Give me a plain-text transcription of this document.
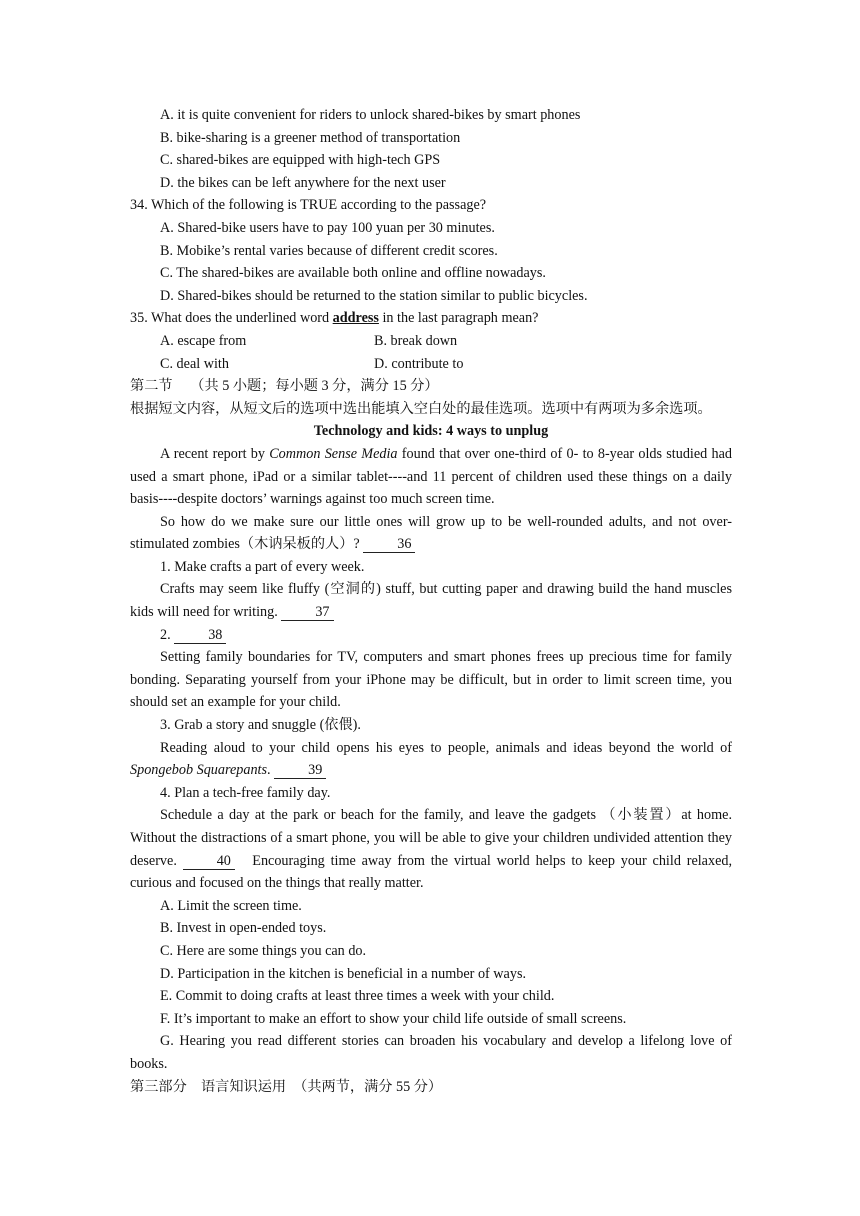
A. it is quite convenient for riders to unlock shared-bikes by smart phones
B. bike-sharing is a greener method of transportation
C. shared-bikes are equipped with high-tech GPS
D. the bikes can be left anywhere for the next user
34. Which of the following is TRUE according to the passage?
A. Shared-bike users have to pay 100 yuan per 30 minutes.
B. Mobike’s rental varies because of different credit scores.
C. The shared-bikes are available both online and offline nowadays.
D. Shared-bikes should be returned to the station similar to public bicycles.
35. What does the underlined word address in the last paragraph mean?
A. escape from	B. break down
C. deal with	D. contribute to
第二节　 （共 5 小题；每小题 3 分，满分 15 分）
根据短文内容，从短文后的选项中选出能填入空白处的最佳选项。选项中有两项为多余选项。
Technology and kids: 4 ways to unplug
A recent report by Common Sense Media found that over one-third of 0- to 8-year olds studied had used a smart phone, iPad or a similar tablet----and 11 percent of children used these things on a daily basis----despite doctors’ warnings against too much screen time.
So how do we make sure our little ones will grow up to be well-rounded adults, and not over-stimulated zombies（木讷呆板的人）?	36
1. Make crafts a part of every week.
Crafts may seem like fluffy (空洞的) stuff, but cutting paper and drawing build the hand muscles kids will need for writing.	37
2.	38
Setting family boundaries for TV, computers and smart phones frees up precious time for family bonding. Separating yourself from your iPhone may be difficult, but in order to limit screen time, you should set an example for your child.
3. Grab a story and snuggle (依偎).
Reading aloud to your child opens his eyes to people, animals and ideas beyond the world of Spongebob Squarepants.	39
4. Plan a tech-free family day.
Schedule a day at the park or beach for the family, and leave the gadgets （小装置）at home. Without the distractions of a smart phone, you will be able to give your children undivided attention they deserve.	40 Encouraging time away from the virtual world helps to keep your child relaxed, curious and focused on the things that really matter.
A. Limit the screen time.
B. Invest in open-ended toys.
C. Here are some things you can do.
D. Participation in the kitchen is beneficial in a number of ways.
E. Commit to doing crafts at least three times a week with your child.
F. It’s important to make an effort to show your child life outside of small screens.
G. Hearing you read different stories can broaden his vocabulary and develop a lifelong love of books.
第三部分　语言知识运用　（共两节，满分 55 分）
